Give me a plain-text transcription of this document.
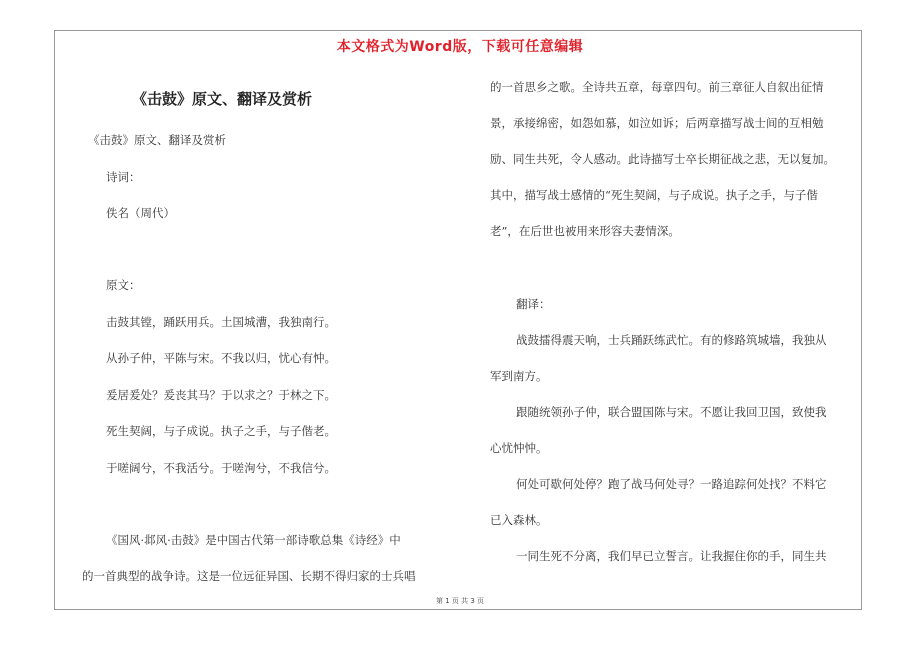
本文格式为Word版，下载可任意编辑

《击鼓》原文、翻译及赏析

《击鼓》原文、翻译及赏析

诗词：

佚名（周代）

原文：

击鼓其镗，踊跃用兵。土国城漕，我独南行。

从孙子仲，平陈与宋。不我以归，忧心有忡。

爰居爰处？爰丧其马？于以求之？于林之下。

死生契阔，与子成说。执子之手，与子偕老。

于嗟阔兮，不我活兮。于嗟洵兮，不我信兮。

《国风·邶风·击鼓》是中国古代第一部诗歌总集《诗经》中

的一首典型的战争诗。这是一位远征异国、长期不得归家的士兵唱

的一首思乡之歌。全诗共五章，每章四句。前三章征人自叙出征情

景，承接绵密，如怨如慕，如泣如诉；后两章描写战士间的互相勉

励、同生共死，令人感动。此诗描写士卒长期征战之悲，无以复加。

其中，描写战士感情的“死生契阔，与子成说。执子之手，与子偕

老”，在后世也被用来形容夫妻情深。

翻译：

战鼓擂得震天响，士兵踊跃练武忙。有的修路筑城墙，我独从

军到南方。

跟随统领孙子仲，联合盟国陈与宋。不愿让我回卫国，致使我

心忧忡忡。

何处可歇何处停？跑了战马何处寻？一路追踪何处找？不料它

已入森林。

一同生死不分离，我们早已立誓言。让我握住你的手，同生共

第 1 页 共 3 页
